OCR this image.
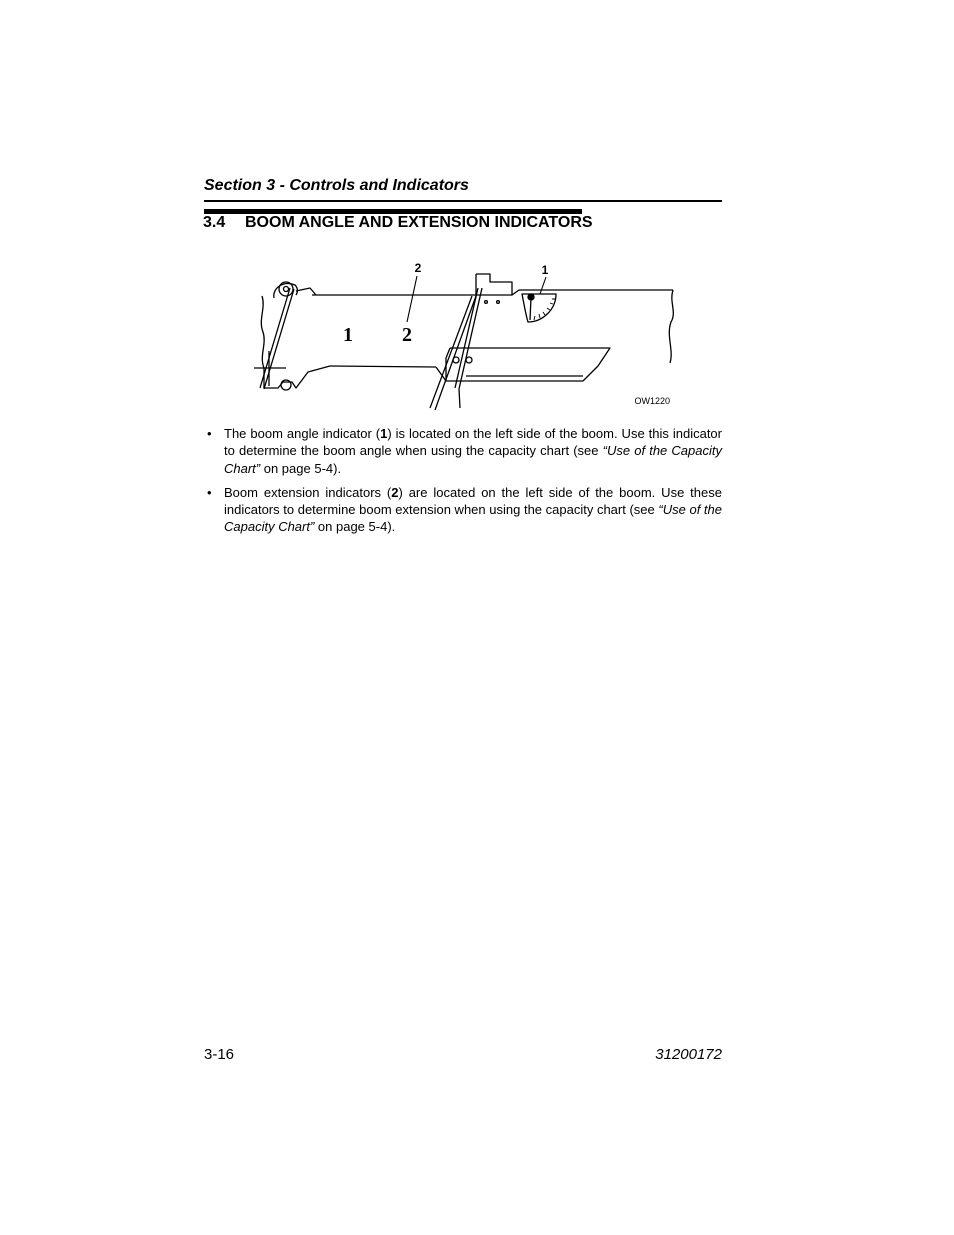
Section 3 - Controls and Indicators
3.4 BOOM ANGLE AND EXTENSION INDICATORS
2	1
1 2
OW1220
• The boom angle indicator (1) is located on the left side of the boom. Use this indicator to determine the boom angle when using the capacity chart (see “Use of the Capacity Chart” on page 5-4).
• Boom extension indicators (2) are located on the left side of the boom. Use these indicators to determine boom extension when using the capacity chart (see “Use of the Capacity Chart” on page 5-4).
3-16	31200172
